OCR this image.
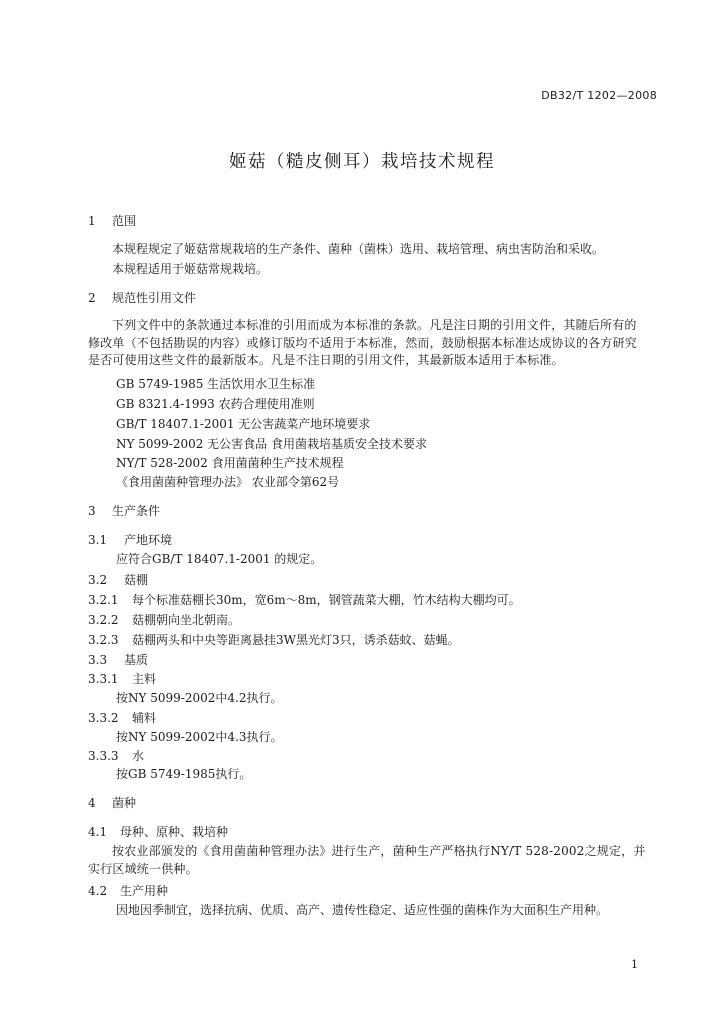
DB32/T 1202—2008
姬菇（糙皮侧耳）栽培技术规程
1 范围
本规程规定了姬菇常规栽培的生产条件、菌种（菌株）选用、栽培管理、病虫害防治和采收。
本规程适用于姬菇常规栽培。
2 规范性引用文件
下列文件中的条款通过本标准的引用而成为本标准的条款。凡是注日期的引用文件，其随后所有的修改单（不包括勘误的内容）或修订版均不适用于本标准，然而，鼓励根据本标准达成协议的各方研究是否可使用这些文件的最新版本。凡是不注日期的引用文件，其最新版本适用于本标准。
GB 5749-1985 生活饮用水卫生标准
GB 8321.4-1993 农药合理使用准则
GB/T 18407.1-2001 无公害蔬菜产地环境要求
NY 5099-2002 无公害食品 食用菌栽培基质安全技术要求
NY/T 528-2002 食用菌菌种生产技术规程
《食用菌菌种管理办法》 农业部令第62号
3 生产条件
3.1 产地环境
应符合GB/T 18407.1-2001 的规定。
3.2 菇棚
3.2.1 每个标准菇棚长30m，宽6m～8m，钢管蔬菜大棚，竹木结构大棚均可。
3.2.2 菇棚朝向坐北朝南。
3.2.3 菇棚两头和中央等距离悬挂3W黑光灯3只，诱杀菇蚊、菇蝇。
3.3 基质
3.3.1 主料
按NY 5099-2002中4.2执行。
3.3.2 辅料
按NY 5099-2002中4.3执行。
3.3.3 水
按GB 5749-1985执行。
4 菌种
4.1 母种、原种、栽培种
按农业部颁发的《食用菌菌种管理办法》进行生产，菌种生产严格执行NY/T 528-2002之规定，并实行区域统一供种。
4.2 生产用种
因地因季制宜，选择抗病、优质、高产、遗传性稳定、适应性强的菌株作为大面积生产用种。
1
